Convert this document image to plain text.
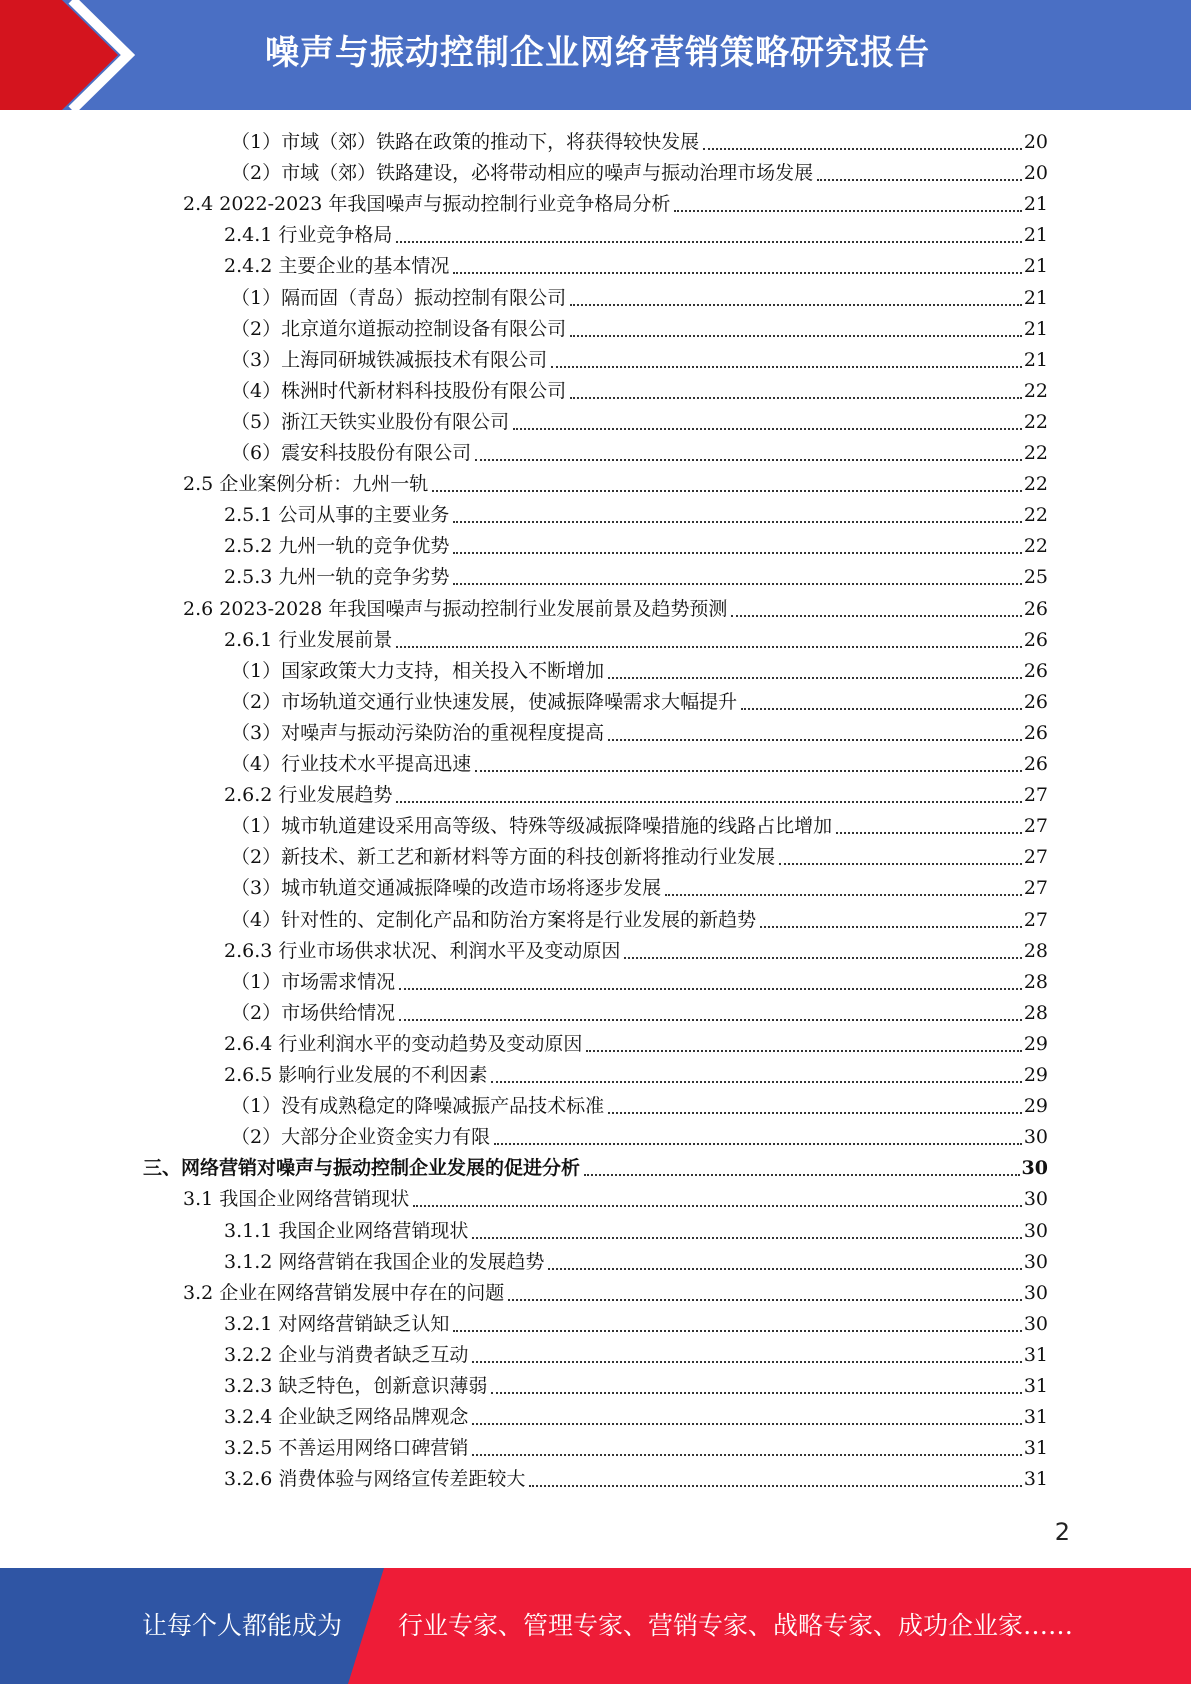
噪声与振动控制企业网络营销策略研究报告
（1）市域（郊）铁路在政策的推动下，将获得较快发展	20
（2）市域（郊）铁路建设，必将带动相应的噪声与振动治理市场发展	20
2.4 2022-2023 年我国噪声与振动控制行业竞争格局分析	21
2.4.1 行业竞争格局	21
2.4.2 主要企业的基本情况	21
（1）隔而固（青岛）振动控制有限公司	21
（2）北京道尔道振动控制设备有限公司	21
（3）上海同研城铁减振技术有限公司	21
（4）株洲时代新材料科技股份有限公司	22
（5）浙江天铁实业股份有限公司	22
（6）震安科技股份有限公司	22
2.5 企业案例分析：九州一轨	22
2.5.1 公司从事的主要业务	22
2.5.2 九州一轨的竞争优势	22
2.5.3 九州一轨的竞争劣势	25
2.6 2023-2028 年我国噪声与振动控制行业发展前景及趋势预测	26
2.6.1 行业发展前景	26
（1）国家政策大力支持，相关投入不断增加	26
（2）市场轨道交通行业快速发展，使减振降噪需求大幅提升	26
（3）对噪声与振动污染防治的重视程度提高	26
（4）行业技术水平提高迅速	26
2.6.2 行业发展趋势	27
（1）城市轨道建设采用高等级、特殊等级减振降噪措施的线路占比增加	27
（2）新技术、新工艺和新材料等方面的科技创新将推动行业发展	27
（3）城市轨道交通减振降噪的改造市场将逐步发展	27
（4）针对性的、定制化产品和防治方案将是行业发展的新趋势	27
2.6.3 行业市场供求状况、利润水平及变动原因	28
（1）市场需求情况	28
（2）市场供给情况	28
2.6.4 行业利润水平的变动趋势及变动原因	29
2.6.5 影响行业发展的不利因素	29
（1）没有成熟稳定的降噪减振产品技术标准	29
（2）大部分企业资金实力有限	30
三、网络营销对噪声与振动控制企业发展的促进分析	30
3.1 我国企业网络营销现状	30
3.1.1 我国企业网络营销现状	30
3.1.2 网络营销在我国企业的发展趋势	30
3.2 企业在网络营销发展中存在的问题	30
3.2.1 对网络营销缺乏认知	30
3.2.2 企业与消费者缺乏互动	31
3.2.3 缺乏特色，创新意识薄弱	31
3.2.4 企业缺乏网络品牌观念	31
3.2.5 不善运用网络口碑营销	31
3.2.6 消费体验与网络宣传差距较大	31
2
让每个人都能成为 行业专家、管理专家、营销专家、战略专家、成功企业家……
